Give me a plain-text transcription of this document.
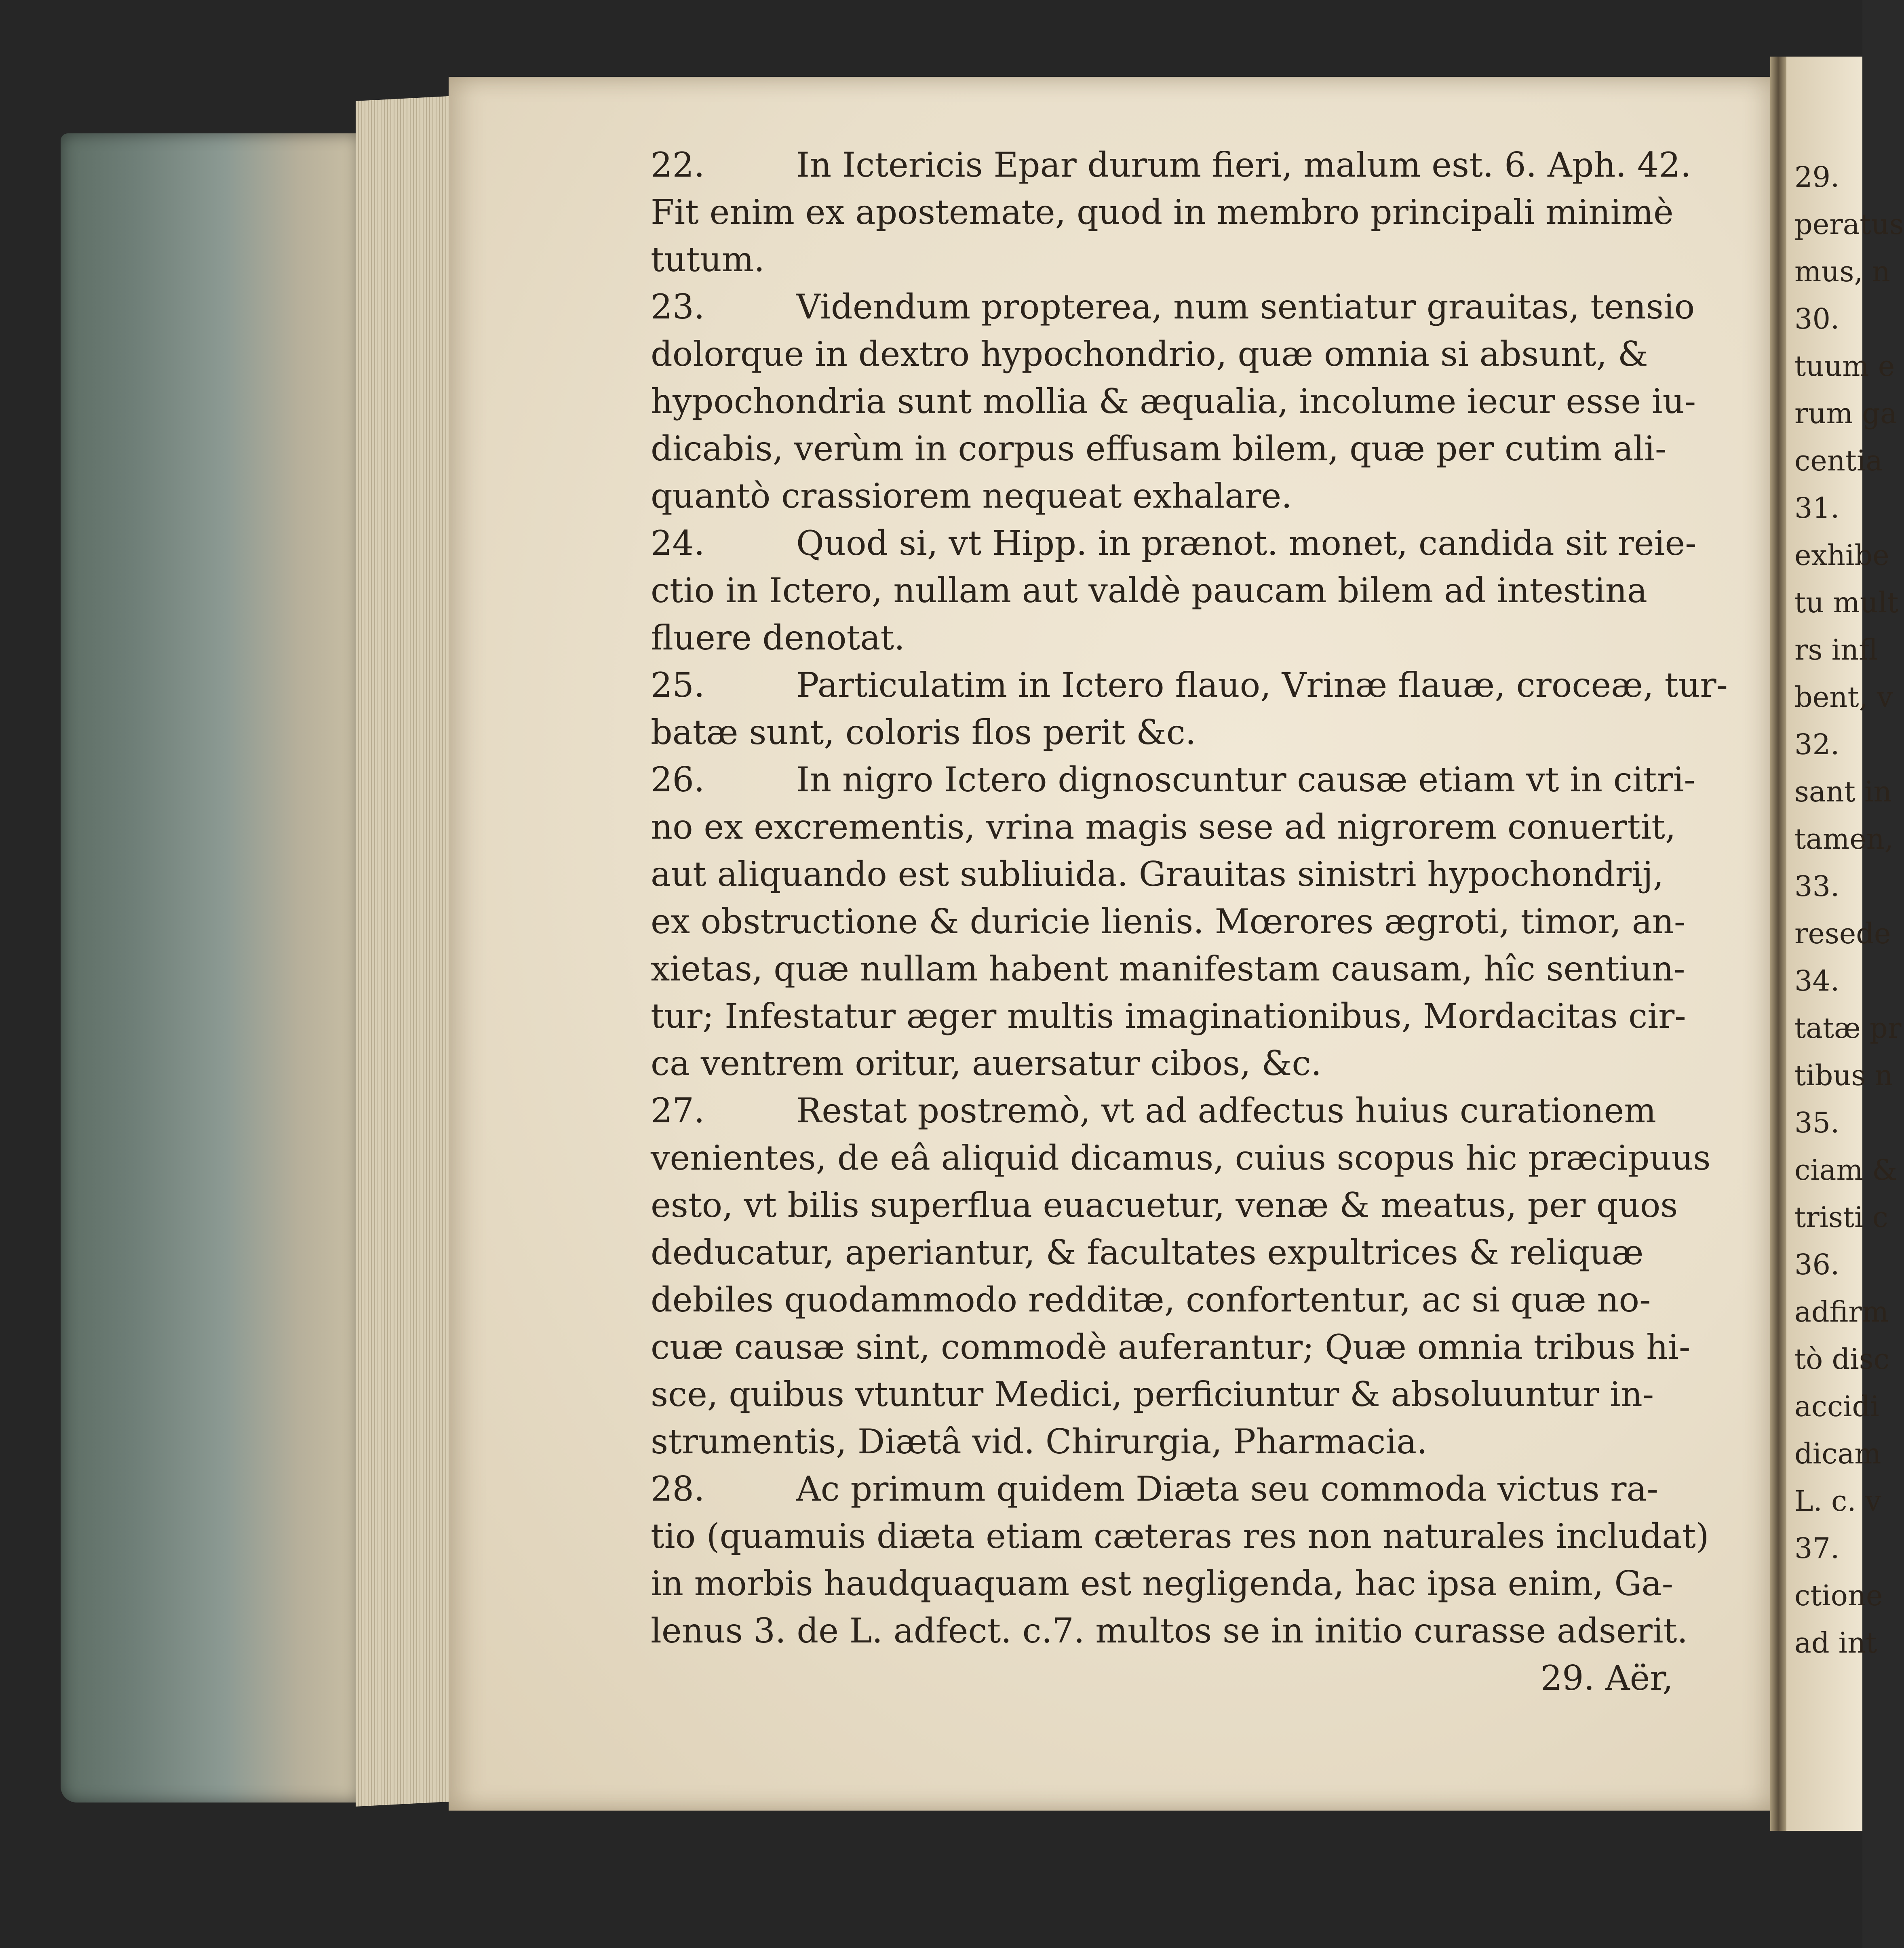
22.	In Ictericis Epar durum fieri, malum est. 6. Aph. 42.
Fit enim ex apostemate, quod in membro principali minimè
tutum.
23.	Videndum propterea, num sentiatur grauitas, tensio
dolorque in dextro hypochondrio, quæ omnia si absunt, &
hypochondria sunt mollia & æqualia, incolume iecur esse iu-
dicabis, verùm in corpus effusam bilem, quæ per cutim ali-
quantò crassiorem nequeat exhalare.
24.	Quod si, vt Hipp. in prænot. monet, candida sit reie-
ctio in Ictero, nullam aut valdè paucam bilem ad intestina
fluere denotat.
25.	Particulatim in Ictero flauo, Vrinæ flauæ, croceæ, tur-
batæ sunt, coloris flos perit &c.
26.	In nigro Ictero dignoscuntur causæ etiam vt in citri-
no ex excrementis, vrina magis sese ad nigrorem conuertit,
aut aliquando est subliuida. Grauitas sinistri hypochondrij,
ex obstructione & duricie lienis. Mœrores ægroti, timor, an-
xietas, quæ nullam habent manifestam causam, hîc sentiun-
tur; Infestatur æger multis imaginationibus, Mordacitas cir-
ca ventrem oritur, auersatur cibos, &c.
27.	Restat postremò, vt ad adfectus huius curationem
venientes, de eâ aliquid dicamus, cuius scopus hic præcipuus
esto, vt bilis superflua euacuetur, venæ & meatus, per quos
deducatur, aperiantur, & facultates expultrices & reliquæ
debiles quodammodo redditæ, confortentur, ac si quæ no-
cuæ causæ sint, commodè auferantur; Quæ omnia tribus hi-
sce, quibus vtuntur Medici, perficiuntur & absoluuntur in-
strumentis, Diætâ vid. Chirurgia, Pharmacia.
28.	Ac primum quidem Diæta seu commoda victus ra-
tio (quamuis diæta etiam cæteras res non naturales includat)
in morbis haudquaquam est negligenda, hac ipsa enim, Ga-
lenus 3. de L. adfect. c.7. multos se in initio curasse adserit.
29. Aër,
29.
peratus
mus, n
30.
tuum e
rum ga
centia
31.
exhibe
tu mult
rs infl
bent, v
32.
sant in
tamen,
33.
resede
34.
tatæ pr
tibus n
35.
ciam &
tristi c
36.
adfirm
tò disc
accidi
dicam
L. c. v
37.
ctione
ad int
